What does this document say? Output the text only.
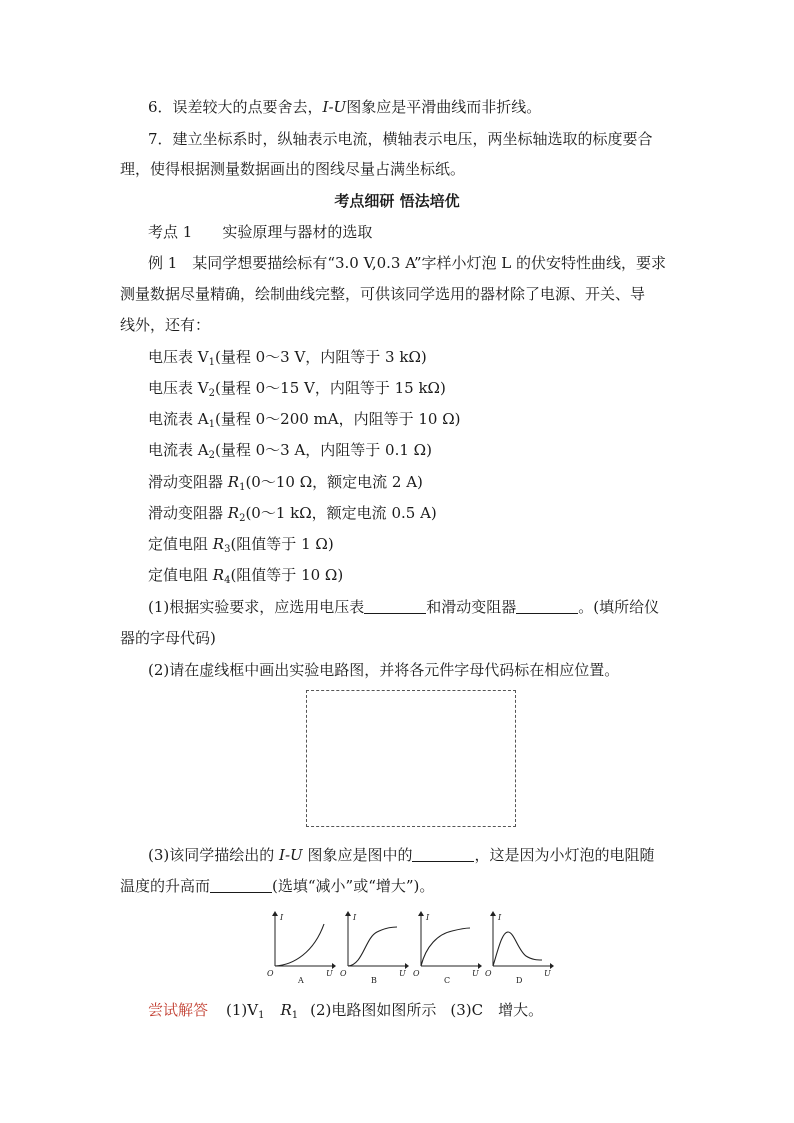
6．误差较大的点要舍去，I-U图象应是平滑曲线而非折线。
7．建立坐标系时，纵轴表示电流，横轴表示电压，两坐标轴选取的标度要合
理，使得根据测量数据画出的图线尽量占满坐标纸。
考点细研 悟法培优
考点 1 实验原理与器材的选取
例 1　某同学想要描绘标有“3.0 V,0.3 A”字样小灯泡 L 的伏安特性曲线，要求
测量数据尽量精确，绘制曲线完整，可供该同学选用的器材除了电源、开关、导
线外，还有：
电压表 $V_1$(量程 0～3 V，内阻等于 3 kΩ)
电压表 $V_2$(量程 0～15 V，内阻等于 15 kΩ)
电流表 $A_1$(量程 0～200 mA，内阻等于 10 Ω)
电流表 $A_2$(量程 0～3 A，内阻等于 0.1 Ω)
滑动变阻器 $R_1(0\sim 10$ Ω，额定电流 2 A)
滑动变阻器 $R_2(0\sim 1$ kΩ，额定电流 0.5 A)
定值电阻 $R_3$(阻值等于 1 Ω)
定值电阻 $R_4$(阻值等于 10 Ω)
(1)根据实验要求，应选用电压表	和滑动变阻器	。(填所给仪
器的字母代码)
(2)请在虚线框中画出实验电路图，并将各元件字母代码标在相应位置。
(3)该同学描绘出的 I-U 图象应是图中的	，这是因为小灯泡的电阻随
温度的升高而	(选填“减小”或“增大”)。
I
U
O
A
I
U
O
B
I
U
O
C
I
U
O
D
尝试解答 $(1)V_1$ $R_1$ (2)电路图如图所示 (3)C　增大。
